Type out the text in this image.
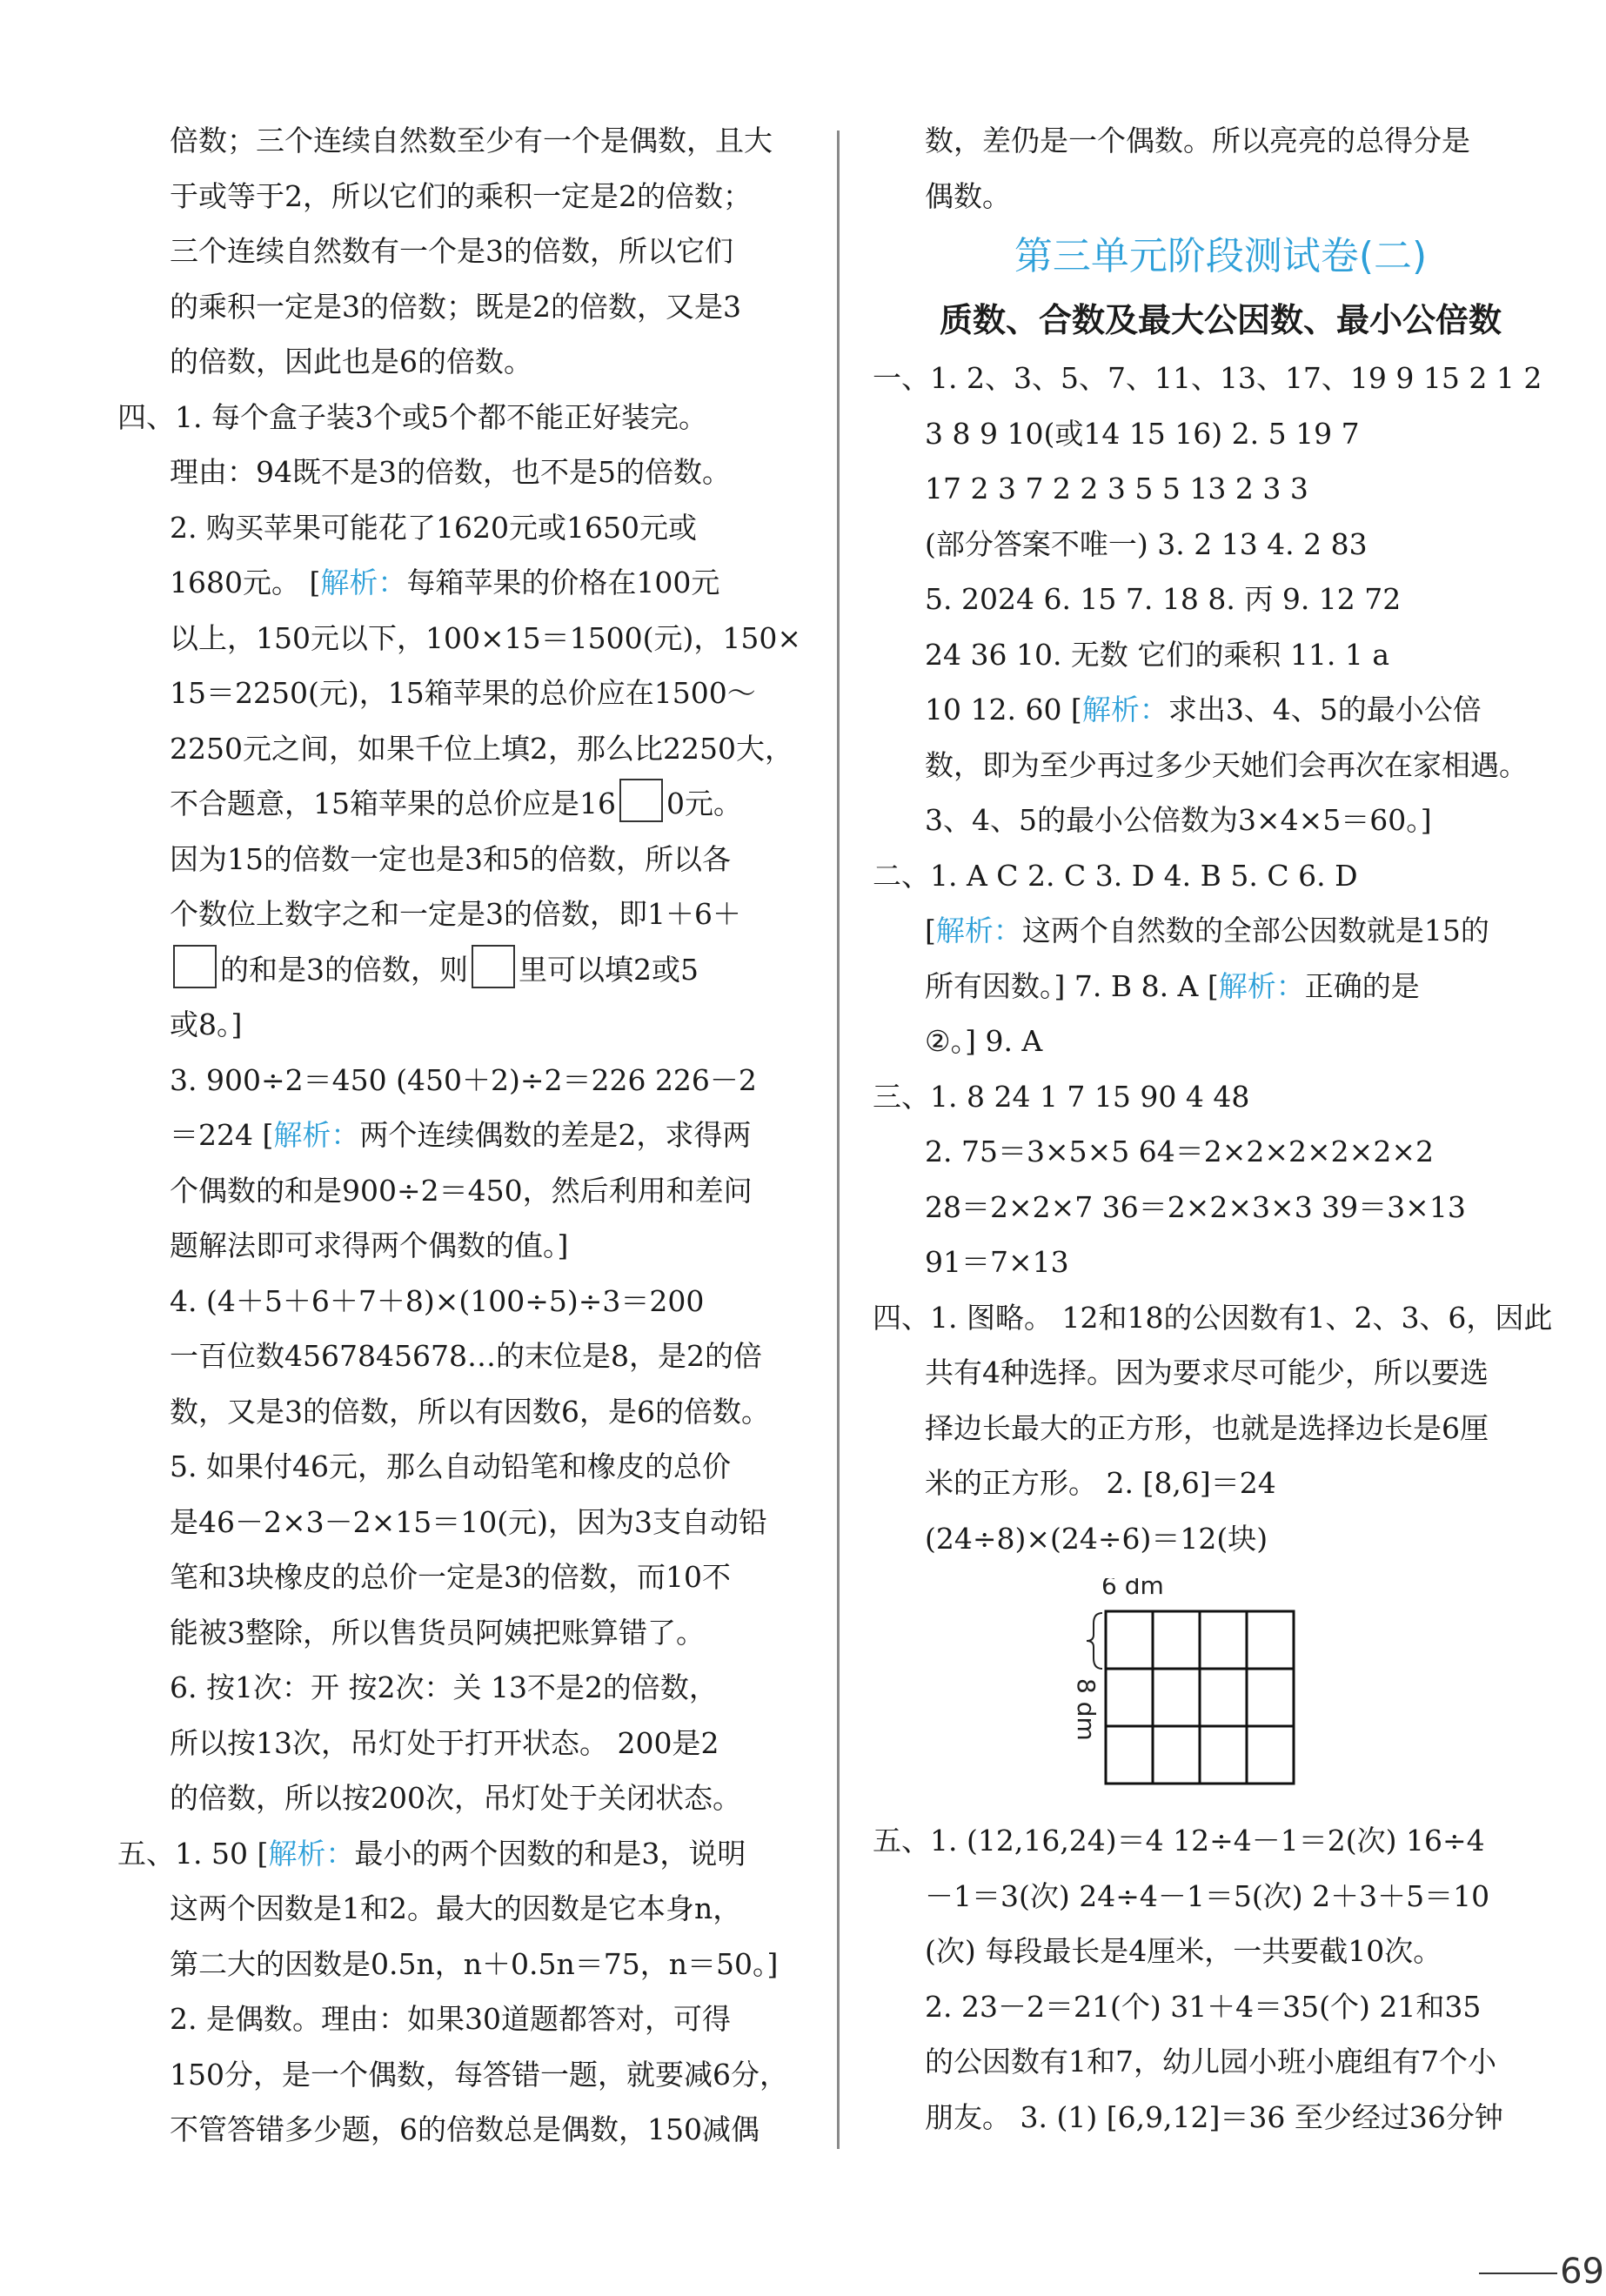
倍数；三个连续自然数至少有一个是偶数，且大
于或等于2，所以它们的乘积一定是2的倍数；
三个连续自然数有一个是3的倍数，所以它们
的乘积一定是3的倍数；既是2的倍数，又是3
的倍数，因此也是6的倍数。
四、1. 每个盒子装3个或5个都不能正好装完。
理由：94既不是3的倍数，也不是5的倍数。
2. 购买苹果可能花了1620元或1650元或
1680元。 [解析：每箱苹果的价格在100元
以上，150元以下，100×15＝1500(元)，150×
15＝2250(元)，15箱苹果的总价应在1500～
2250元之间，如果千位上填2，那么比2250大，
不合题意，15箱苹果的总价应是16 0元。
因为15的倍数一定也是3和5的倍数，所以各
个数位上数字之和一定是3的倍数，即1＋6＋
的和是3的倍数，则 里可以填2或5
或8。]
3. 900÷2＝450 (450＋2)÷2＝226 226－2
＝224 [解析：两个连续偶数的差是2，求得两
个偶数的和是900÷2＝450，然后利用和差问
题解法即可求得两个偶数的值。]
4. (4＋5＋6＋7＋8)×(100÷5)÷3＝200
一百位数4567845678…的末位是8，是2的倍
数，又是3的倍数，所以有因数6，是6的倍数。
5. 如果付46元，那么自动铅笔和橡皮的总价
是46－2×3－2×15＝10(元)，因为3支自动铅
笔和3块橡皮的总价一定是3的倍数，而10不
能被3整除，所以售货员阿姨把账算错了。
6. 按1次：开 按2次：关 13不是2的倍数，
所以按13次，吊灯处于打开状态。 200是2
的倍数，所以按200次，吊灯处于关闭状态。
五、1. 50 [解析：最小的两个因数的和是3，说明
这两个因数是1和2。最大的因数是它本身n，
第二大的因数是0.5n，n＋0.5n＝75，n＝50。]
2. 是偶数。理由：如果30道题都答对，可得
150分，是一个偶数，每答错一题，就要减6分，
不管答错多少题，6的倍数总是偶数，150减偶
数，差仍是一个偶数。所以亮亮的总得分是
偶数。
第三单元阶段测试卷(二)
质数、合数及最大公因数、最小公倍数
一、1. 2、3、5、7、11、13、17、19 9 15 2 1 2
3 8 9 10(或14 15 16) 2. 5 19 7
17 2 3 7 2 2 3 5 5 13 2 3 3
(部分答案不唯一) 3. 2 13 4. 2 83
5. 2024 6. 15 7. 18 8. 丙 9. 12 72
24 36 10. 无数 它们的乘积 11. 1 a
10 12. 60 [解析：求出3、4、5的最小公倍
数，即为至少再过多少天她们会再次在家相遇。
3、4、5的最小公倍数为3×4×5＝60。]
二、1. A C 2. C 3. D 4. B 5. C 6. D
[解析：这两个自然数的全部公因数就是15的
所有因数。] 7. B 8. A [解析：正确的是
②。] 9. A
三、1. 8 24 1 7 15 90 4 48
2. 75＝3×5×5 64＝2×2×2×2×2×2
28＝2×2×7 36＝2×2×3×3 39＝3×13
91＝7×13
四、1. 图略。 12和18的公因数有1、2、3、6，因此
共有4种选择。因为要求尽可能少，所以要选
择边长最大的正方形，也就是选择边长是6厘
米的正方形。 2. [8,6]＝24
(24÷8)×(24÷6)＝12(块)
6 dm
8 dm
五、1. (12,16,24)＝4 12÷4－1＝2(次) 16÷4
－1＝3(次) 24÷4－1＝5(次) 2＋3＋5＝10
(次) 每段最长是4厘米，一共要截10次。
2. 23－2＝21(个) 31＋4＝35(个) 21和35
的公因数有1和7，幼儿园小班小鹿组有7个小
朋友。 3. (1) [6,9,12]＝36 至少经过36分钟
69
